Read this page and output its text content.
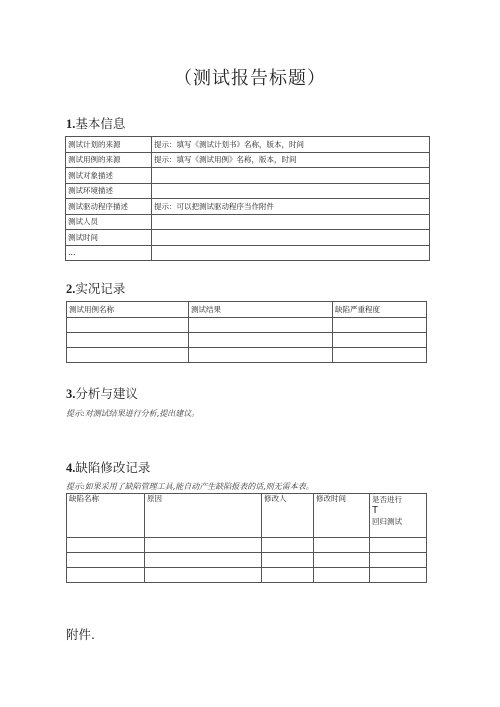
（测试报告标题）
1.基本信息
测试计划的来源	提示：填写《测试计划书》名称，版本，时间
测试用例的来源	提示：填写《测试用例》名称，版本，时间
测试对象描述	
测试环境描述	
测试驱动程序描述	提示：可以把测试驱动程序当作附件
测试人员	
测试时间	
…	
2.实况记录
测试用例名称	测试结果	缺陷严重程度

3.分析与建议
提示:对测试结果进行分析,提出建议。
4.缺陷修改记录
提示:如果采用了缺陷管理工具,能自动产生缺陷报表的话,则无需本表。
缺陷名称	原因	修改人	修改时间	是否进行
T
回归测试

附件.
